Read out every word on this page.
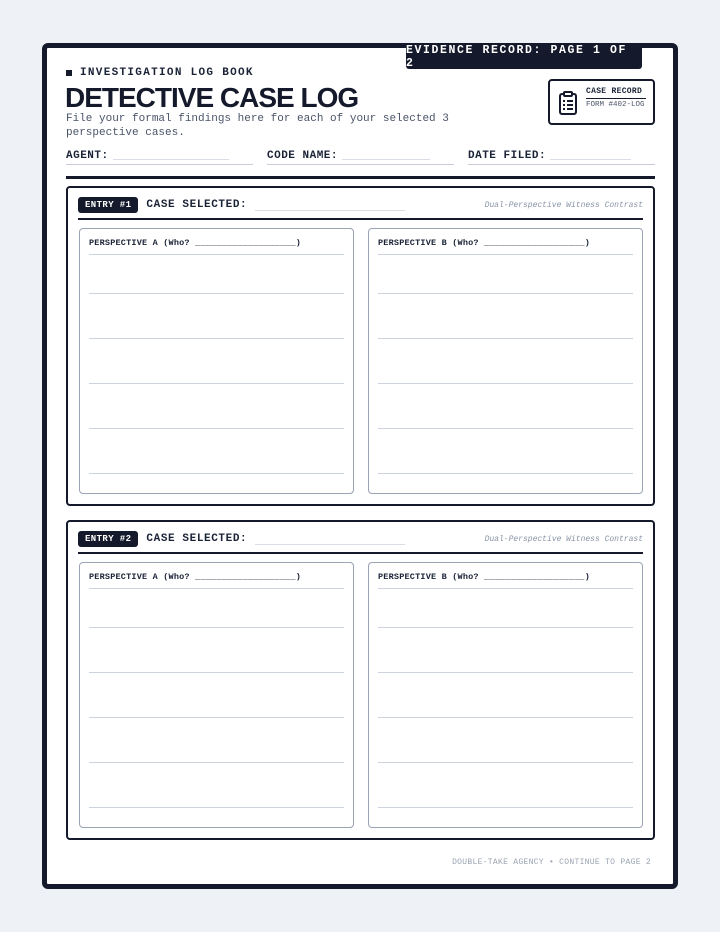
EVIDENCE RECORD: PAGE 1 OF 2
INVESTIGATION LOG BOOK
DETECTIVE CASE LOG
File your formal findings here for each of your selected 3 perspective cases.
CASE RECORD
FORM #402-LOG
AGENT:	CODE NAME:	DATE FILED:
ENTRY #1	CASE SELECTED:	Dual-Perspective Witness Contrast
PERSPECTIVE A (Who? ___________________)	PERSPECTIVE B (Who? ___________________)
ENTRY #2	CASE SELECTED:	Dual-Perspective Witness Contrast
PERSPECTIVE A (Who? ___________________)	PERSPECTIVE B (Who? ___________________)
DOUBLE-TAKE AGENCY • CONTINUE TO PAGE 2
